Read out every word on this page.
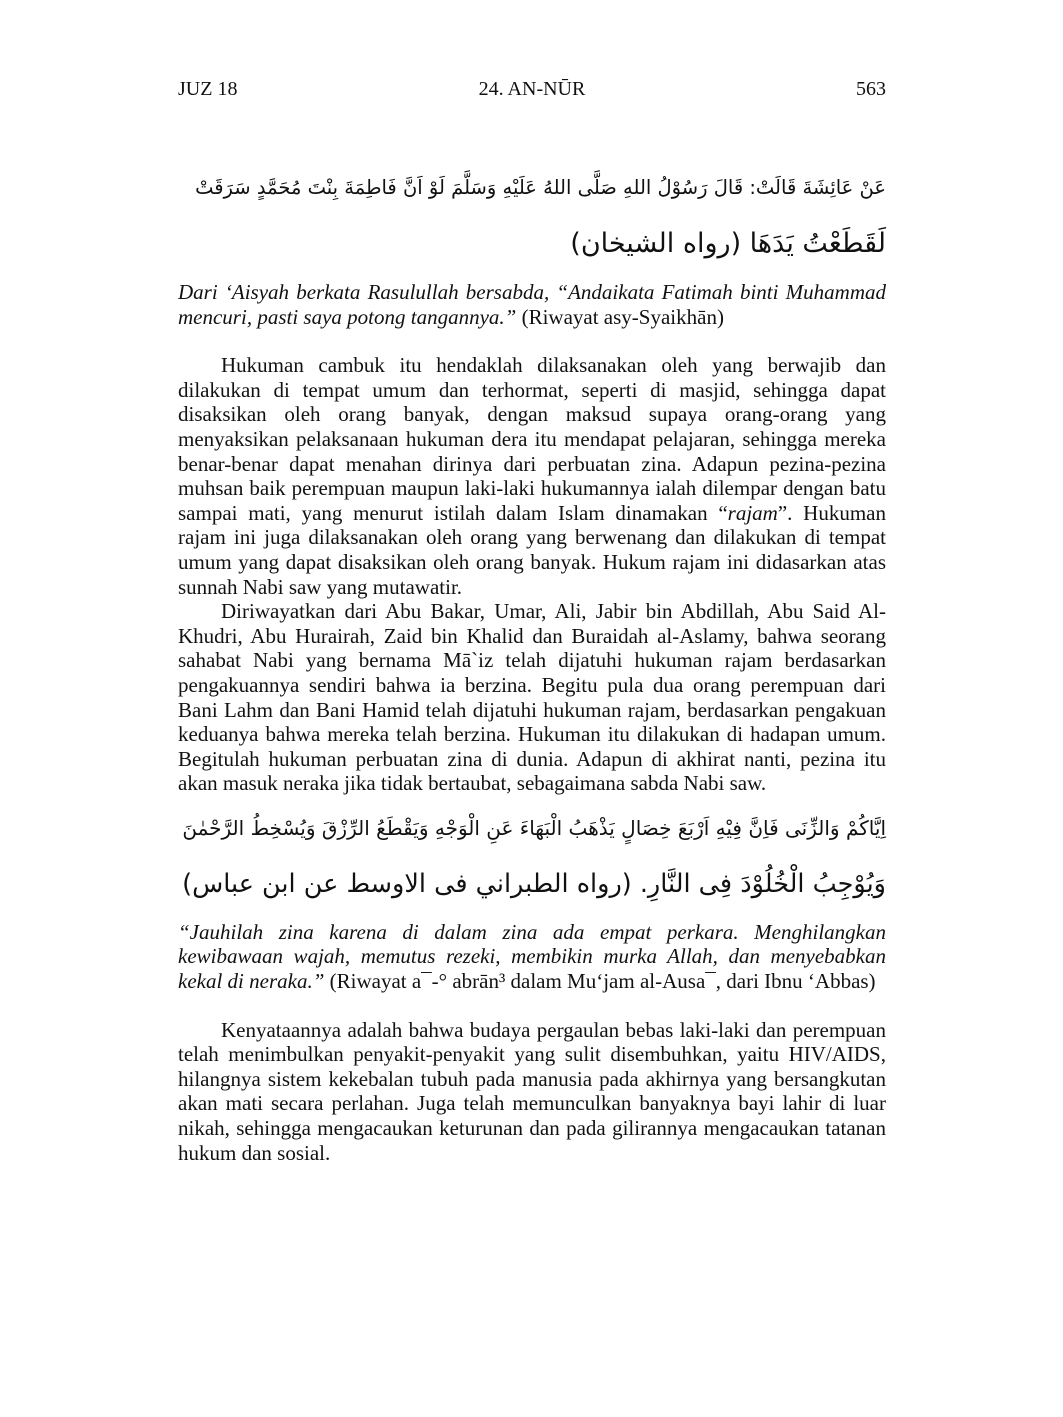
JUZ 18	24. AN-NŪR	563
عَنْ عَائِشَةَ قَالَتْ: قَالَ رَسُوْلُ اللهِ صَلَّى اللهُ عَلَيْهِ وَسَلَّمَ لَوْ اَنَّ فَاطِمَةَ بِنْتَ مُحَمَّدٍ سَرَقَتْ
لَقَطَعْتُ يَدَهَا (رواه الشيخان)

Dari ‘Aisyah berkata Rasulullah bersabda, “Andaikata Fatimah binti Muhammad mencuri, pasti saya potong tangannya.” (Riwayat asy-Syaikhān)

Hukuman cambuk itu hendaklah dilaksanakan oleh yang berwajib dan dilakukan di tempat umum dan terhormat, seperti di masjid, sehingga dapat disaksikan oleh orang banyak, dengan maksud supaya orang-orang yang menyaksikan pelaksanaan hukuman dera itu mendapat pelajaran, sehingga mereka benar-benar dapat menahan dirinya dari perbuatan zina. Adapun pezina-pezina muhsan baik perempuan maupun laki-laki hukumannya ialah dilempar dengan batu sampai mati, yang menurut istilah dalam Islam dinamakan “rajam”. Hukuman rajam ini juga dilaksanakan oleh orang yang berwenang dan dilakukan di tempat umum yang dapat disaksikan oleh orang banyak. Hukum rajam ini didasarkan atas sunnah Nabi saw yang mutawatir.

Diriwayatkan dari Abu Bakar, Umar, Ali, Jabir bin Abdillah, Abu Said Al-Khudri, Abu Hurairah, Zaid bin Khalid dan Buraidah al-Aslamy, bahwa seorang sahabat Nabi yang bernama Mā`iz telah dijatuhi hukuman rajam berdasarkan pengakuannya sendiri bahwa ia berzina. Begitu pula dua orang perempuan dari Bani Lahm dan Bani Hamid telah dijatuhi hukuman rajam, berdasarkan pengakuan keduanya bahwa mereka telah berzina. Hukuman itu dilakukan di hadapan umum. Begitulah hukuman perbuatan zina di dunia. Adapun di akhirat nanti, pezina itu akan masuk neraka jika tidak bertaubat, sebagaimana sabda Nabi saw.

اِيَّاكُمْ وَالزِّنَى فَاِنَّ فِيْهِ اَرْبَعَ خِصَالٍ يَذْهَبُ الْبَهَاءَ عَنِ الْوَجْهِ وَيَقْطَعُ الرِّزْقَ وَيُسْخِطُ الرَّحْمٰنَ
وَيُوْجِبُ الْخُلُوْدَ فِى النَّارِ. (رواه الطبراني فى الاوسط عن ابن عباس)

“Jauhilah zina karena di dalam zina ada empat perkara. Menghilangkan kewibawaan wajah, memutus rezeki, membikin murka Allah, dan menyebabkan kekal di neraka.” (Riwayat a¯-° abrān³ dalam Mu‘jam al-Ausa¯, dari Ibnu ‘Abbas)

Kenyataannya adalah bahwa budaya pergaulan bebas laki-laki dan perempuan telah menimbulkan penyakit-penyakit yang sulit disembuhkan, yaitu HIV/AIDS, hilangnya sistem kekebalan tubuh pada manusia pada akhirnya yang bersangkutan akan mati secara perlahan. Juga telah memunculkan banyaknya bayi lahir di luar nikah, sehingga mengacaukan keturunan dan pada gilirannya mengacaukan tatanan hukum dan sosial.
